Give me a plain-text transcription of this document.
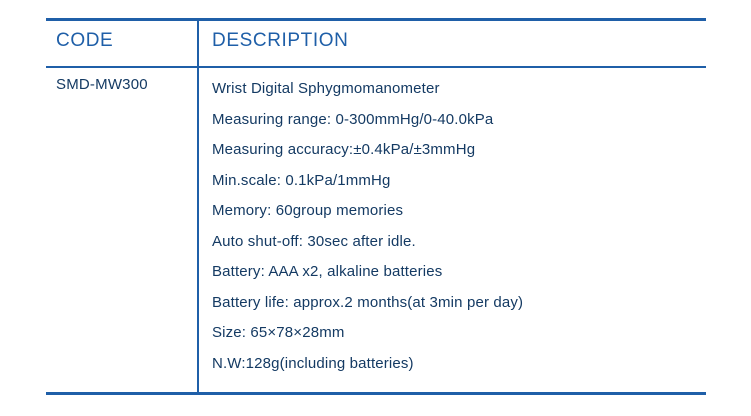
CODE	DESCRIPTION
SMD-MW300	Wrist Digital Sphygmomanometer
Measuring range: 0-300mmHg/0-40.0kPa
Measuring accuracy:±0.4kPa/±3mmHg
Min.scale: 0.1kPa/1mmHg
Memory: 60group memories
Auto shut-off: 30sec after idle.
Battery: AAA x2, alkaline batteries
Battery life: approx.2 months(at 3min per day)
Size: 65×78×28mm
N.W:128g(including batteries)
